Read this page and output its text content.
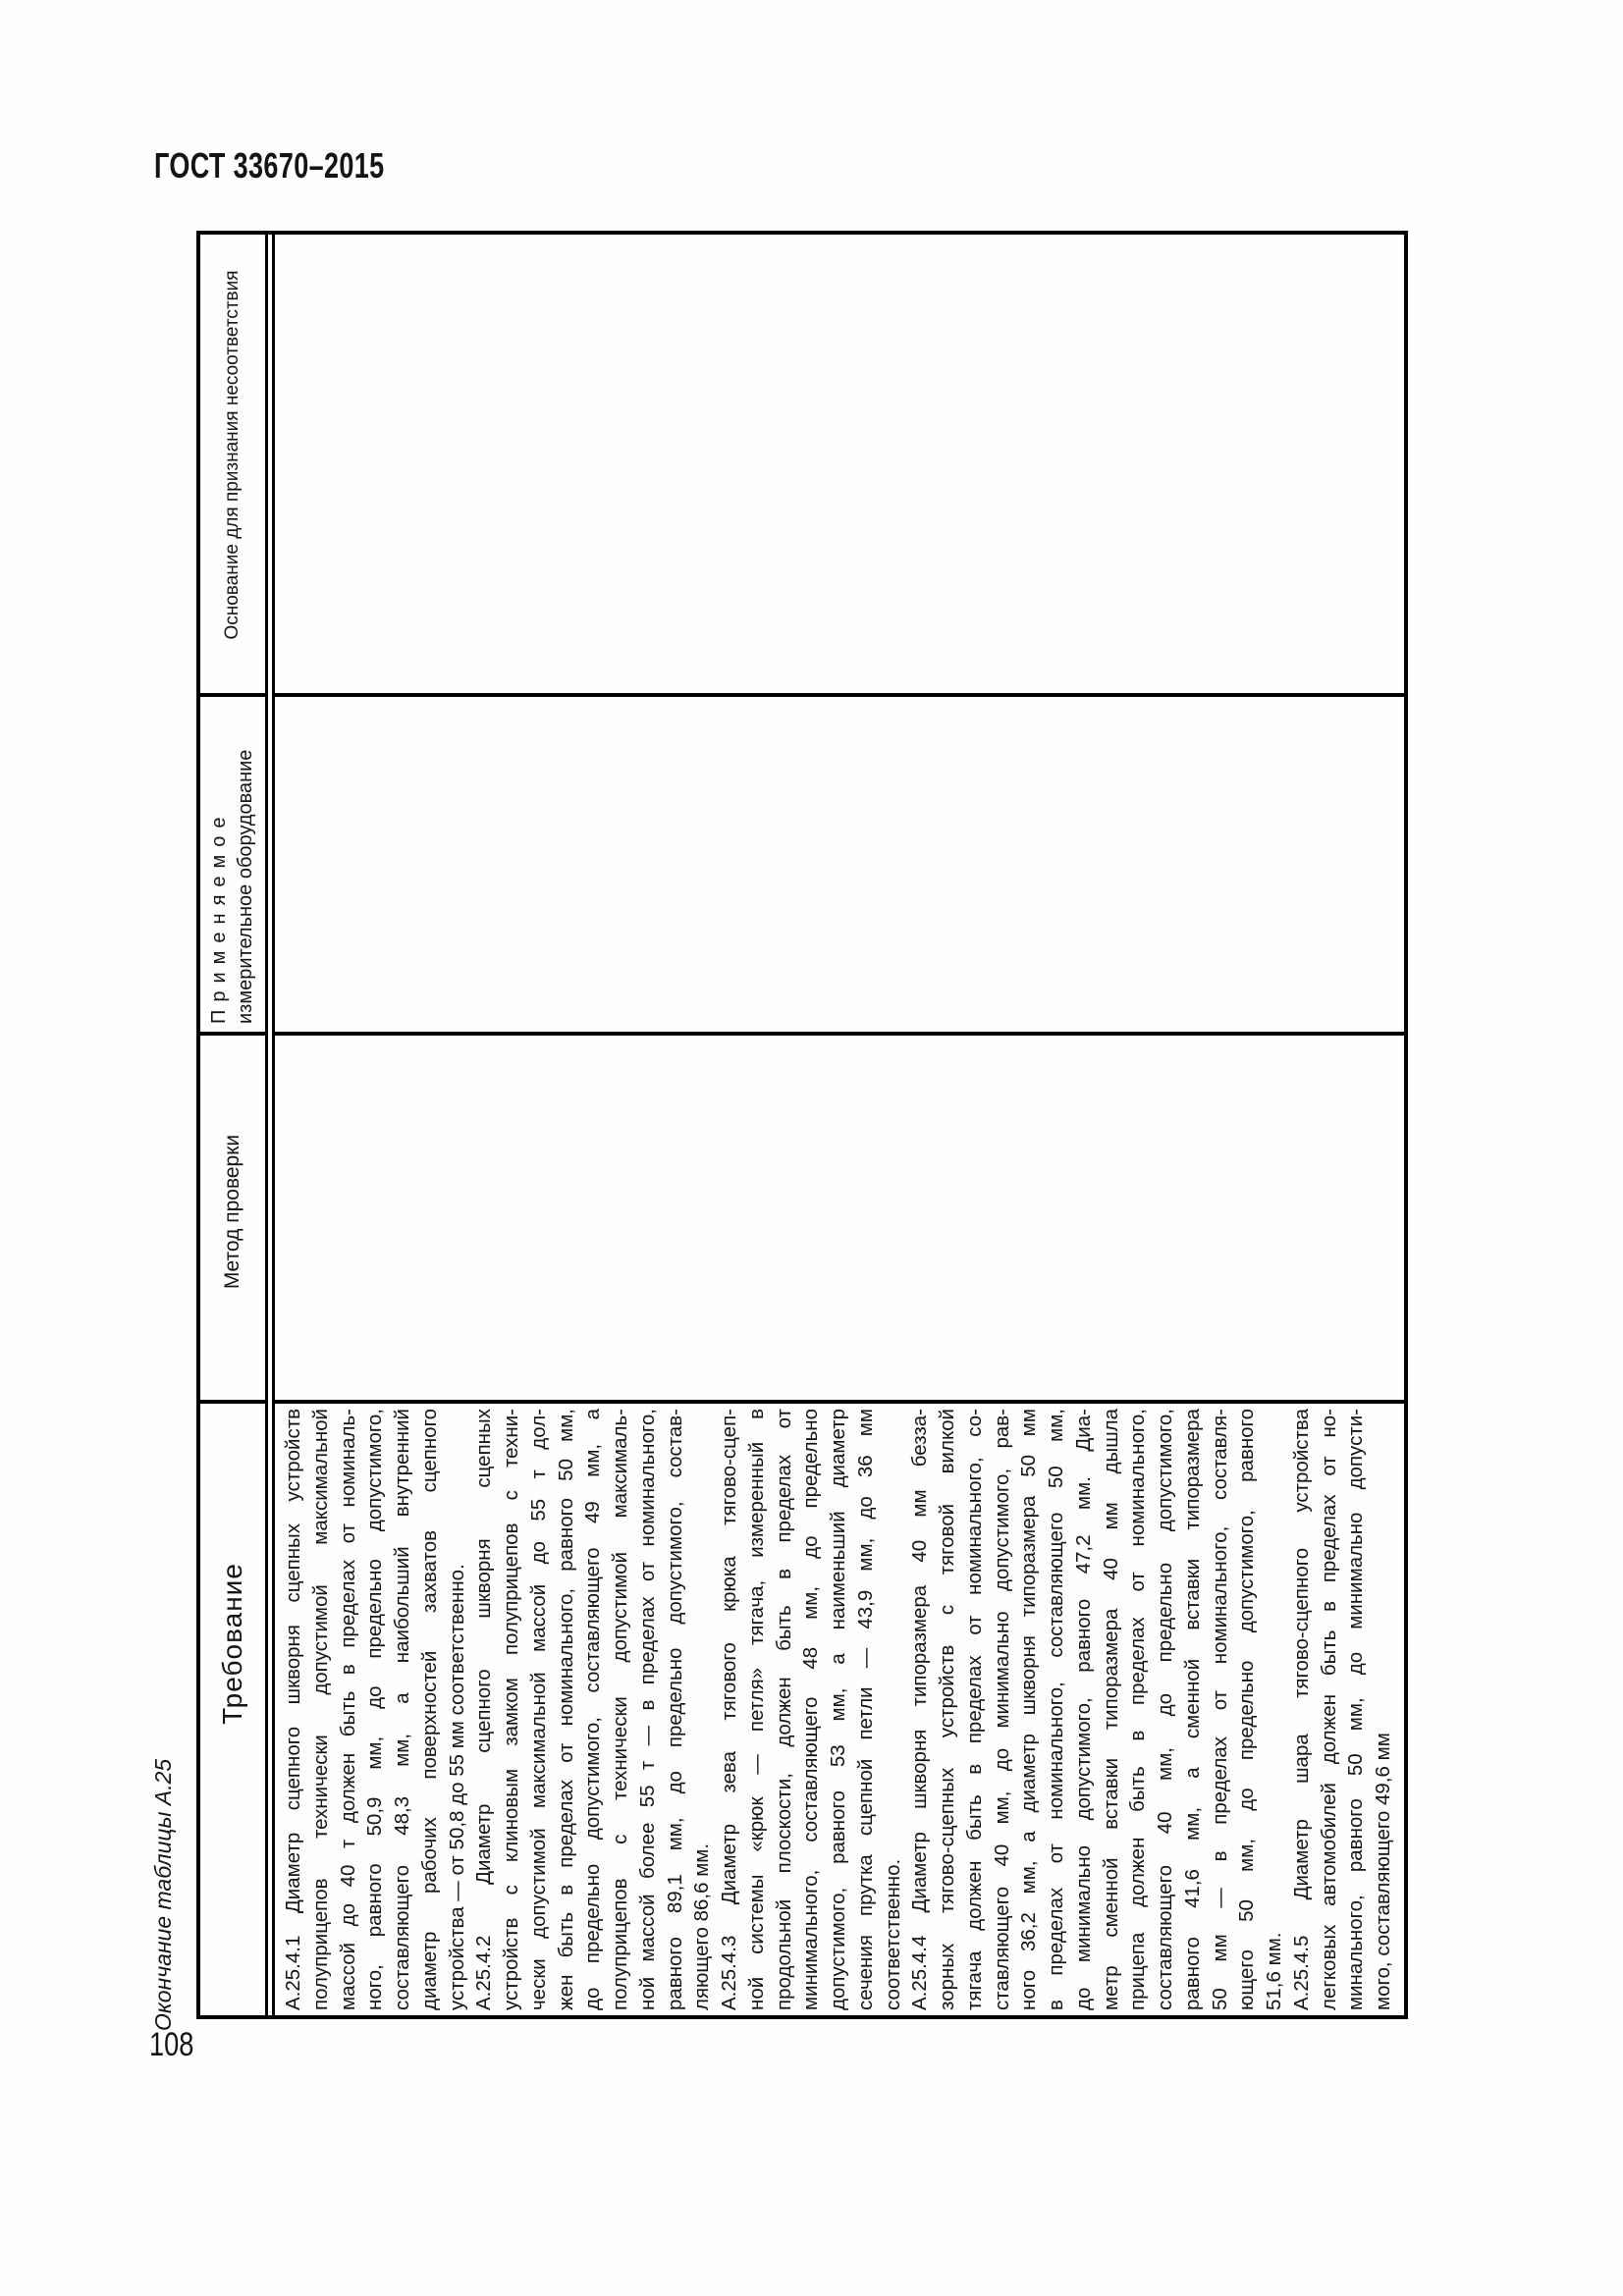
ГОСТ 33670–2015
Окончание таблицы А.25
108
Требование
Метод проверки
Применяемое измерительное оборудование
Основание для признания несоответствия
А.25.4.1 Диаметр сцепного шкворня сцепных устройств полуприцепов технически допустимой максимальной массой до 40 т должен быть в пределах от номиналь- ного, равного 50,9 мм, до предельно допустимого, составляющего 48,3 мм, а наибольший внутренний диаметр рабочих поверхностей захватов сцепного устройства — от 50,8 до 55 мм соответственно. А.25.4.2 Диаметр сцепного шкворня сцепных устройств с клиновым замком полуприцепов с техни- чески допустимой максимальной массой до 55 т дол- жен быть в пределах от номинального, равного 50 мм, до предельно допустимого, составляющего 49 мм, а полуприцепов с технически допустимой максималь- ной массой более 55 т — в пределах от номинального, равного 89,1 мм, до предельно допустимого, состав- ляющего 86,6 мм. А.25.4.3 Диаметр зева тягового крюка тягово-сцеп- ной системы «крюк — петля» тягача, измеренный в продольной плоскости, должен быть в пределах от минимального, составляющего 48 мм, до предельно допустимого, равного 53 мм, а наименьший диаметр сечения прутка сцепной петли — 43,9 мм, до 36 мм соответственно. А.25.4.4 Диаметр шкворня типоразмера 40 мм безза- зорных тягово-сцепных устройств с тяговой вилкой тягача должен быть в пределах от номинального, со- ставляющего 40 мм, до минимально допустимого, рав- ного 36,2 мм, а диаметр шкворня типоразмера 50 мм в пределах от номинального, составляющего 50 мм, до минимально допустимого, равного 47,2 мм. Диа- метр сменной вставки типоразмера 40 мм дышла прицепа должен быть в пределах от номинального, составляющего 40 мм, до предельно допустимого, равного 41,6 мм, а сменной вставки типоразмера 50 мм — в пределах от номинального, составля- ющего 50 мм, до предельно допустимого, равного 51,6 мм. А.25.4.5 Диаметр шара тягово-сцепного устройства легковых автомобилей должен быть в пределах от но- минального, равного 50 мм, до минимально допусти- мого, составляющего 49,6 мм
